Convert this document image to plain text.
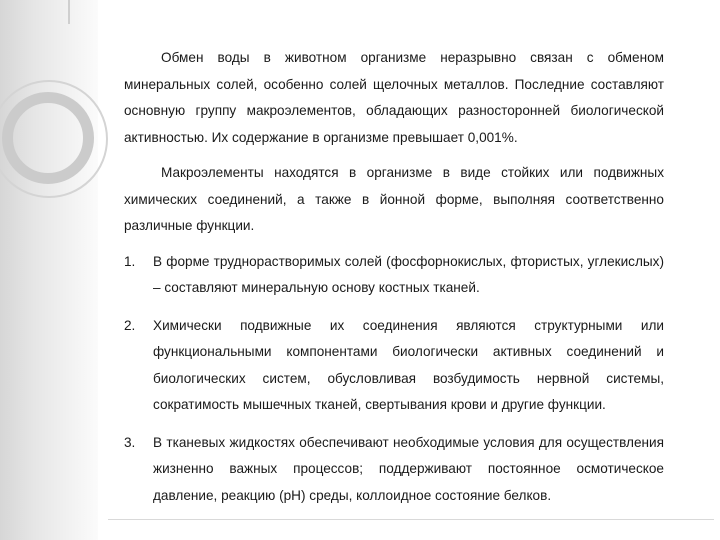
Обмен воды в животном организме неразрывно связан с обменом минеральных солей, особенно солей щелочных металлов. Последние составляют основную группу макроэлементов, обладающих разносторонней биологической активностью. Их содержание в организме превышает 0,001%.

Макроэлементы находятся в организме в виде стойких или подвижных химических соединений, а также в йонной форме, выполняя соответственно различные функции.

1.	В форме труднорастворимых солей (фосфорнокислых, фтористых, углекислых) – составляют минеральную основу костных тканей.
2.	Химически подвижные их соединения являются структурными или функциональными компонентами биологически активных соединений и биологических систем, обусловливая возбудимость нервной системы, сократимость мышечных тканей, свертывания крови и другие функции.
3.	В тканевых жидкостях обеспечивают необходимые условия для осуществления жизненно важных процессов; поддерживают постоянное осмотическое давление, реакцию (pH) среды, коллоидное состояние белков.
